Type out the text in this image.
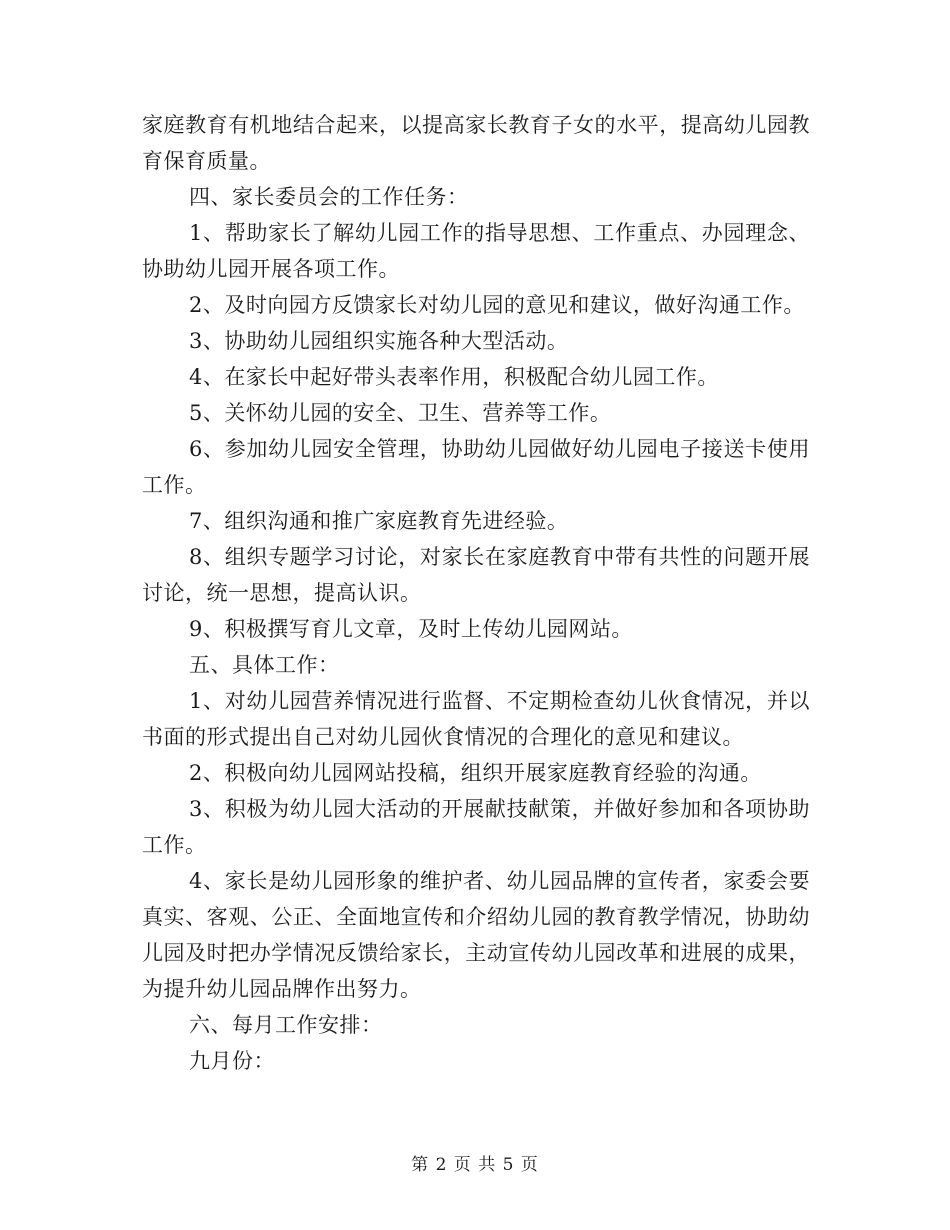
家庭教育有机地结合起来，以提高家长教育子女的水平，提高幼儿园教育保育质量。

四、家长委员会的工作任务：

1、帮助家长了解幼儿园工作的指导思想、工作重点、办园理念、协助幼儿园开展各项工作。

2、及时向园方反馈家长对幼儿园的意见和建议，做好沟通工作。

3、协助幼儿园组织实施各种大型活动。

4、在家长中起好带头表率作用，积极配合幼儿园工作。

5、关怀幼儿园的安全、卫生、营养等工作。

6、参加幼儿园安全管理，协助幼儿园做好幼儿园电子接送卡使用工作。

7、组织沟通和推广家庭教育先进经验。

8、组织专题学习讨论，对家长在家庭教育中带有共性的问题开展讨论，统一思想，提高认识。

9、积极撰写育儿文章，及时上传幼儿园网站。

五、具体工作：

1、对幼儿园营养情况进行监督、不定期检查幼儿伙食情况，并以书面的形式提出自己对幼儿园伙食情况的合理化的意见和建议。

2、积极向幼儿园网站投稿，组织开展家庭教育经验的沟通。

3、积极为幼儿园大活动的开展献技献策，并做好参加和各项协助工作。

4、家长是幼儿园形象的维护者、幼儿园品牌的宣传者，家委会要真实、客观、公正、全面地宣传和介绍幼儿园的教育教学情况，协助幼儿园及时把办学情况反馈给家长，主动宣传幼儿园改革和进展的成果，为提升幼儿园品牌作出努力。

六、每月工作安排：

九月份：

第 2 页 共 5 页
